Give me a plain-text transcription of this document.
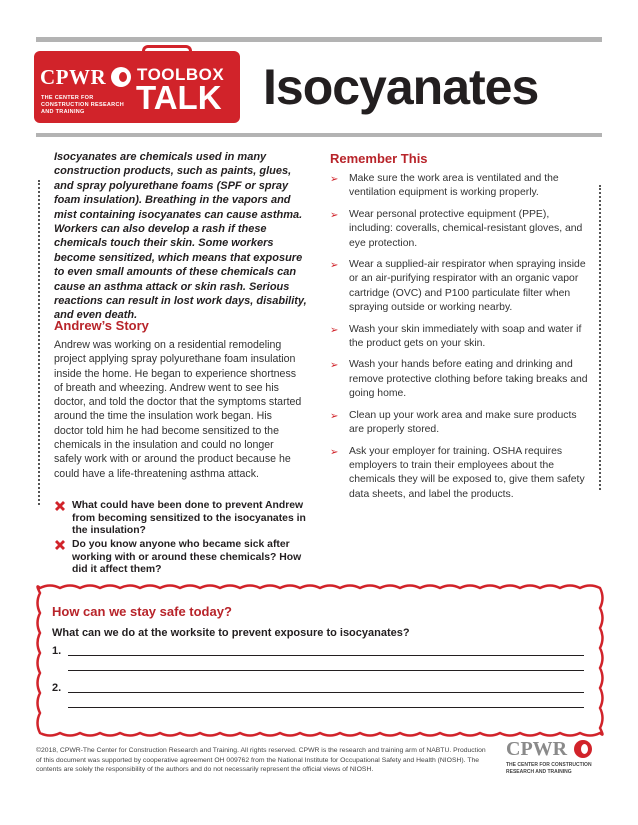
CPWR TOOLBOX
TALK
THE CENTER FOR CONSTRUCTION RESEARCH AND TRAINING	Isocyanates
Isocyanates are chemicals used in many construction products, such as paints, glues, and spray polyurethane foams (SPF or spray foam insulation). Breathing in the vapors and mist containing isocyanates can cause asthma. Workers can also develop a rash if these chemicals touch their skin. Some workers become sensitized, which means that exposure to even small amounts of these chemicals can cause an asthma attack or skin rash. Serious reactions can result in lost work days, disability, and even death.
Andrew’s Story
Andrew was working on a residential remodeling project applying spray polyurethane foam insulation inside the home. He began to experience shortness of breath and wheezing. Andrew went to see his doctor, and told the doctor that the symptoms started around the time the insulation work began. His doctor told him he had become sensitized to the chemicals in the insulation and could no longer safely work with or around the product because he could have a life-threatening asthma attack.
What could have been done to prevent Andrew from becoming sensitized to the isocyanates in the insulation?
Do you know anyone who became sick after working with or around these chemicals? How did it affect them?
Remember This
➢ Make sure the work area is ventilated and the ventilation equipment is working properly.
➢ Wear personal protective equipment (PPE), including: coveralls, chemical-resistant gloves, and eye protection.
➢ Wear a supplied-air respirator when spraying inside or an air-purifying respirator with an organic vapor cartridge (OVC) and P100 particulate filter when spraying outside or working nearby.
➢ Wash your skin immediately with soap and water if the product gets on your skin.
➢ Wash your hands before eating and drinking and remove protective clothing before taking breaks and going home.
➢ Clean up your work area and make sure products are properly stored.
➢ Ask your employer for training. OSHA requires employers to train their employees about the chemicals they will be exposed to, give them safety data sheets, and label the products.
How can we stay safe today?
What can we do at the worksite to prevent exposure to isocyanates?
1.
2.
©2018, CPWR-The Center for Construction Research and Training. All rights reserved. CPWR is the research and training arm of NABTU. Production of this document was supported by cooperative agreement OH 009762 from the National Institute for Occupational Safety and Health (NIOSH). The contents are solely the responsibility of the authors and do not necessarily represent the official views of NIOSH.
CPWR
THE CENTER FOR CONSTRUCTION RESEARCH AND TRAINING
